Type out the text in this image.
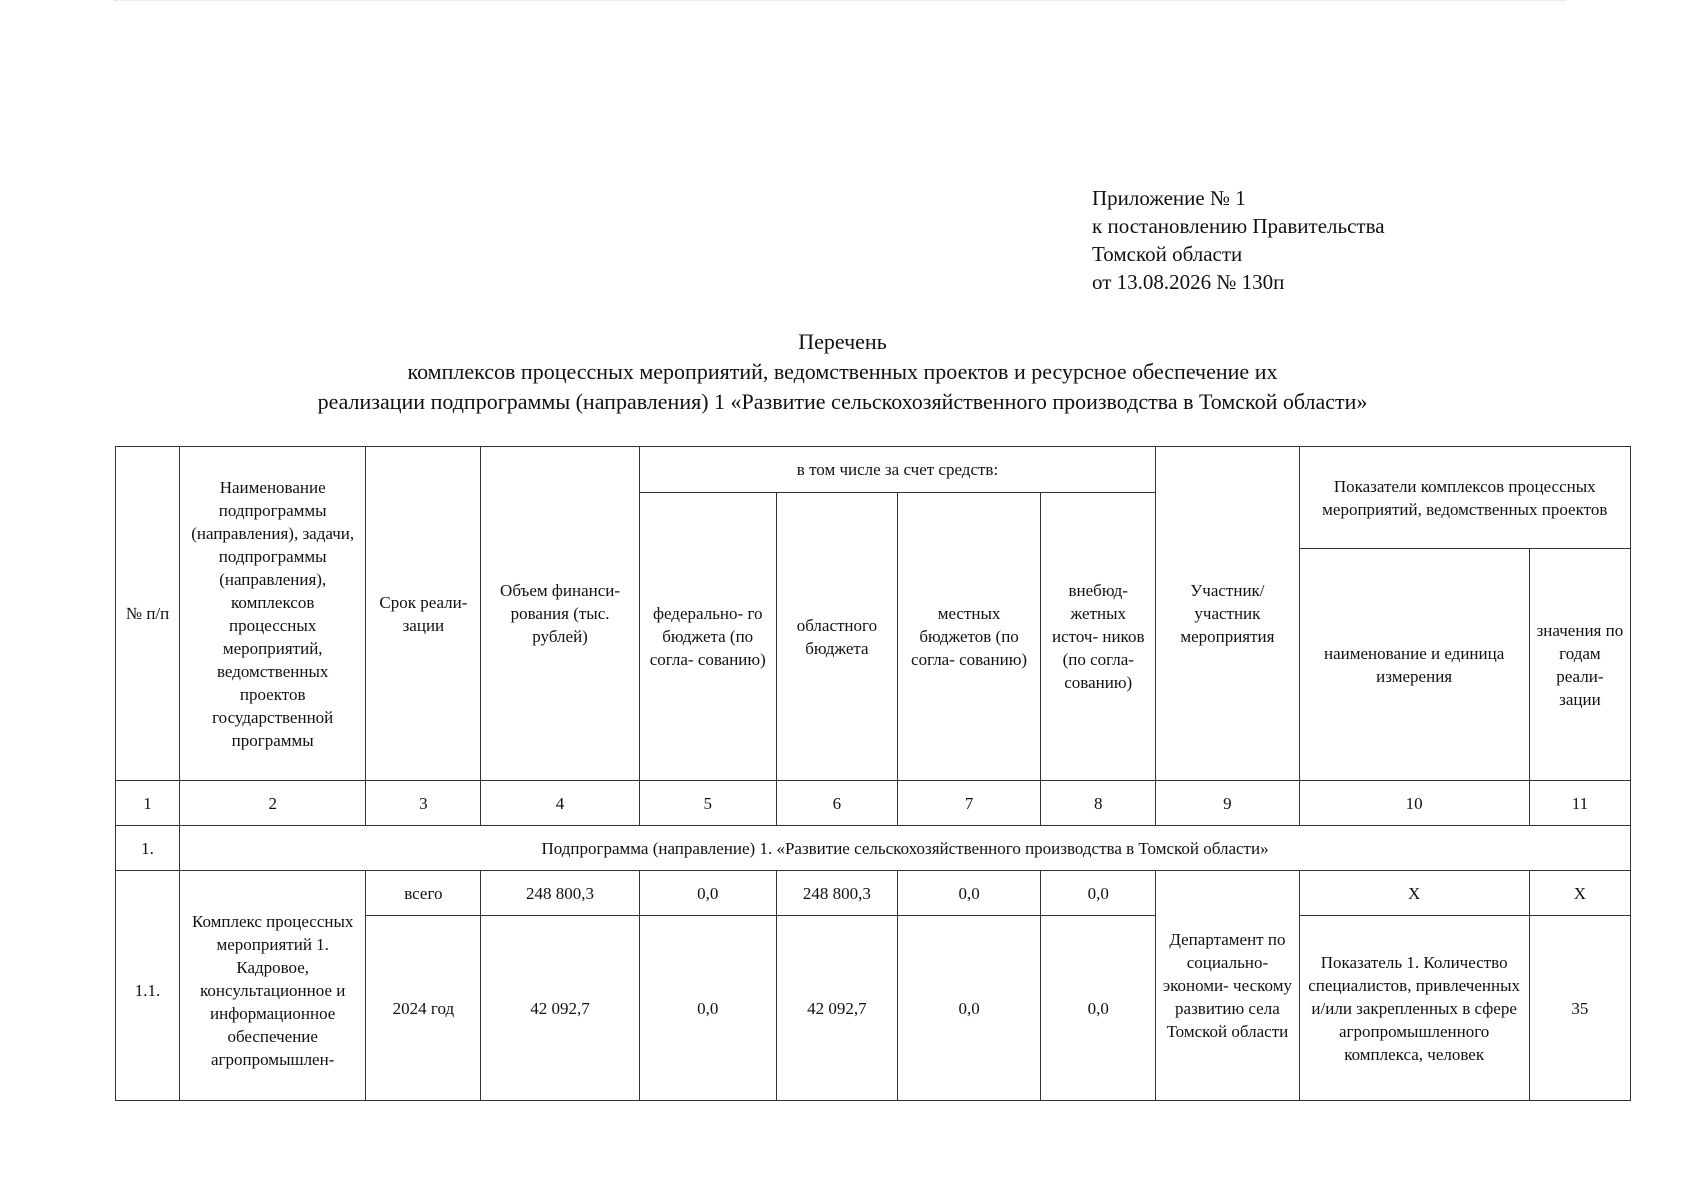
Приложение № 1
к постановлению Правительства
Томской области
от 13.08.2026 № 130п
Перечень
комплексов процессных мероприятий, ведомственных проектов и ресурсное обеспечение их
реализации подпрограммы (направления) 1 «Развитие сельскохозяйственного производства в Томской области»
№ п/п	Наименование подпрограммы (направления), задачи, подпрограммы (направления), комплексов процессных мероприятий, ведомственных проектов государственной программы	Срок реали- зации	Объем финанси- рования (тыс. рублей)	в том числе за счет средств:				Участник/ участник мероприятия	Показатели комплексов процессных мероприятий, ведомственных проектов	
				федерально- го бюджета (по согла- сованию)	областного бюджета	местных бюджетов (по согла- сованию)	внебюд- жетных источ- ников (по согла- сованию)			
									наименование и единица измерения	значения по годам реали- зации
1	2	3	4	5	6	7	8	9	10	11
1.	Подпрограмма (направление) 1. «Развитие сельскохозяйственного производства в Томской области»									
1.1.	Комплекс процессных мероприятий 1. Кадровое, консультационное и информационное обеспечение агропромышлен-	всего	248 800,3	0,0	248 800,3	0,0	0,0	Департамент по социально- экономи- ческому развитию села Томской области	X	X
		2024 год	42 092,7	0,0	42 092,7	0,0	0,0		Показатель 1. Количество специалистов, привлеченных и/или закрепленных в сфере агропромышленного комплекса, человек	35
